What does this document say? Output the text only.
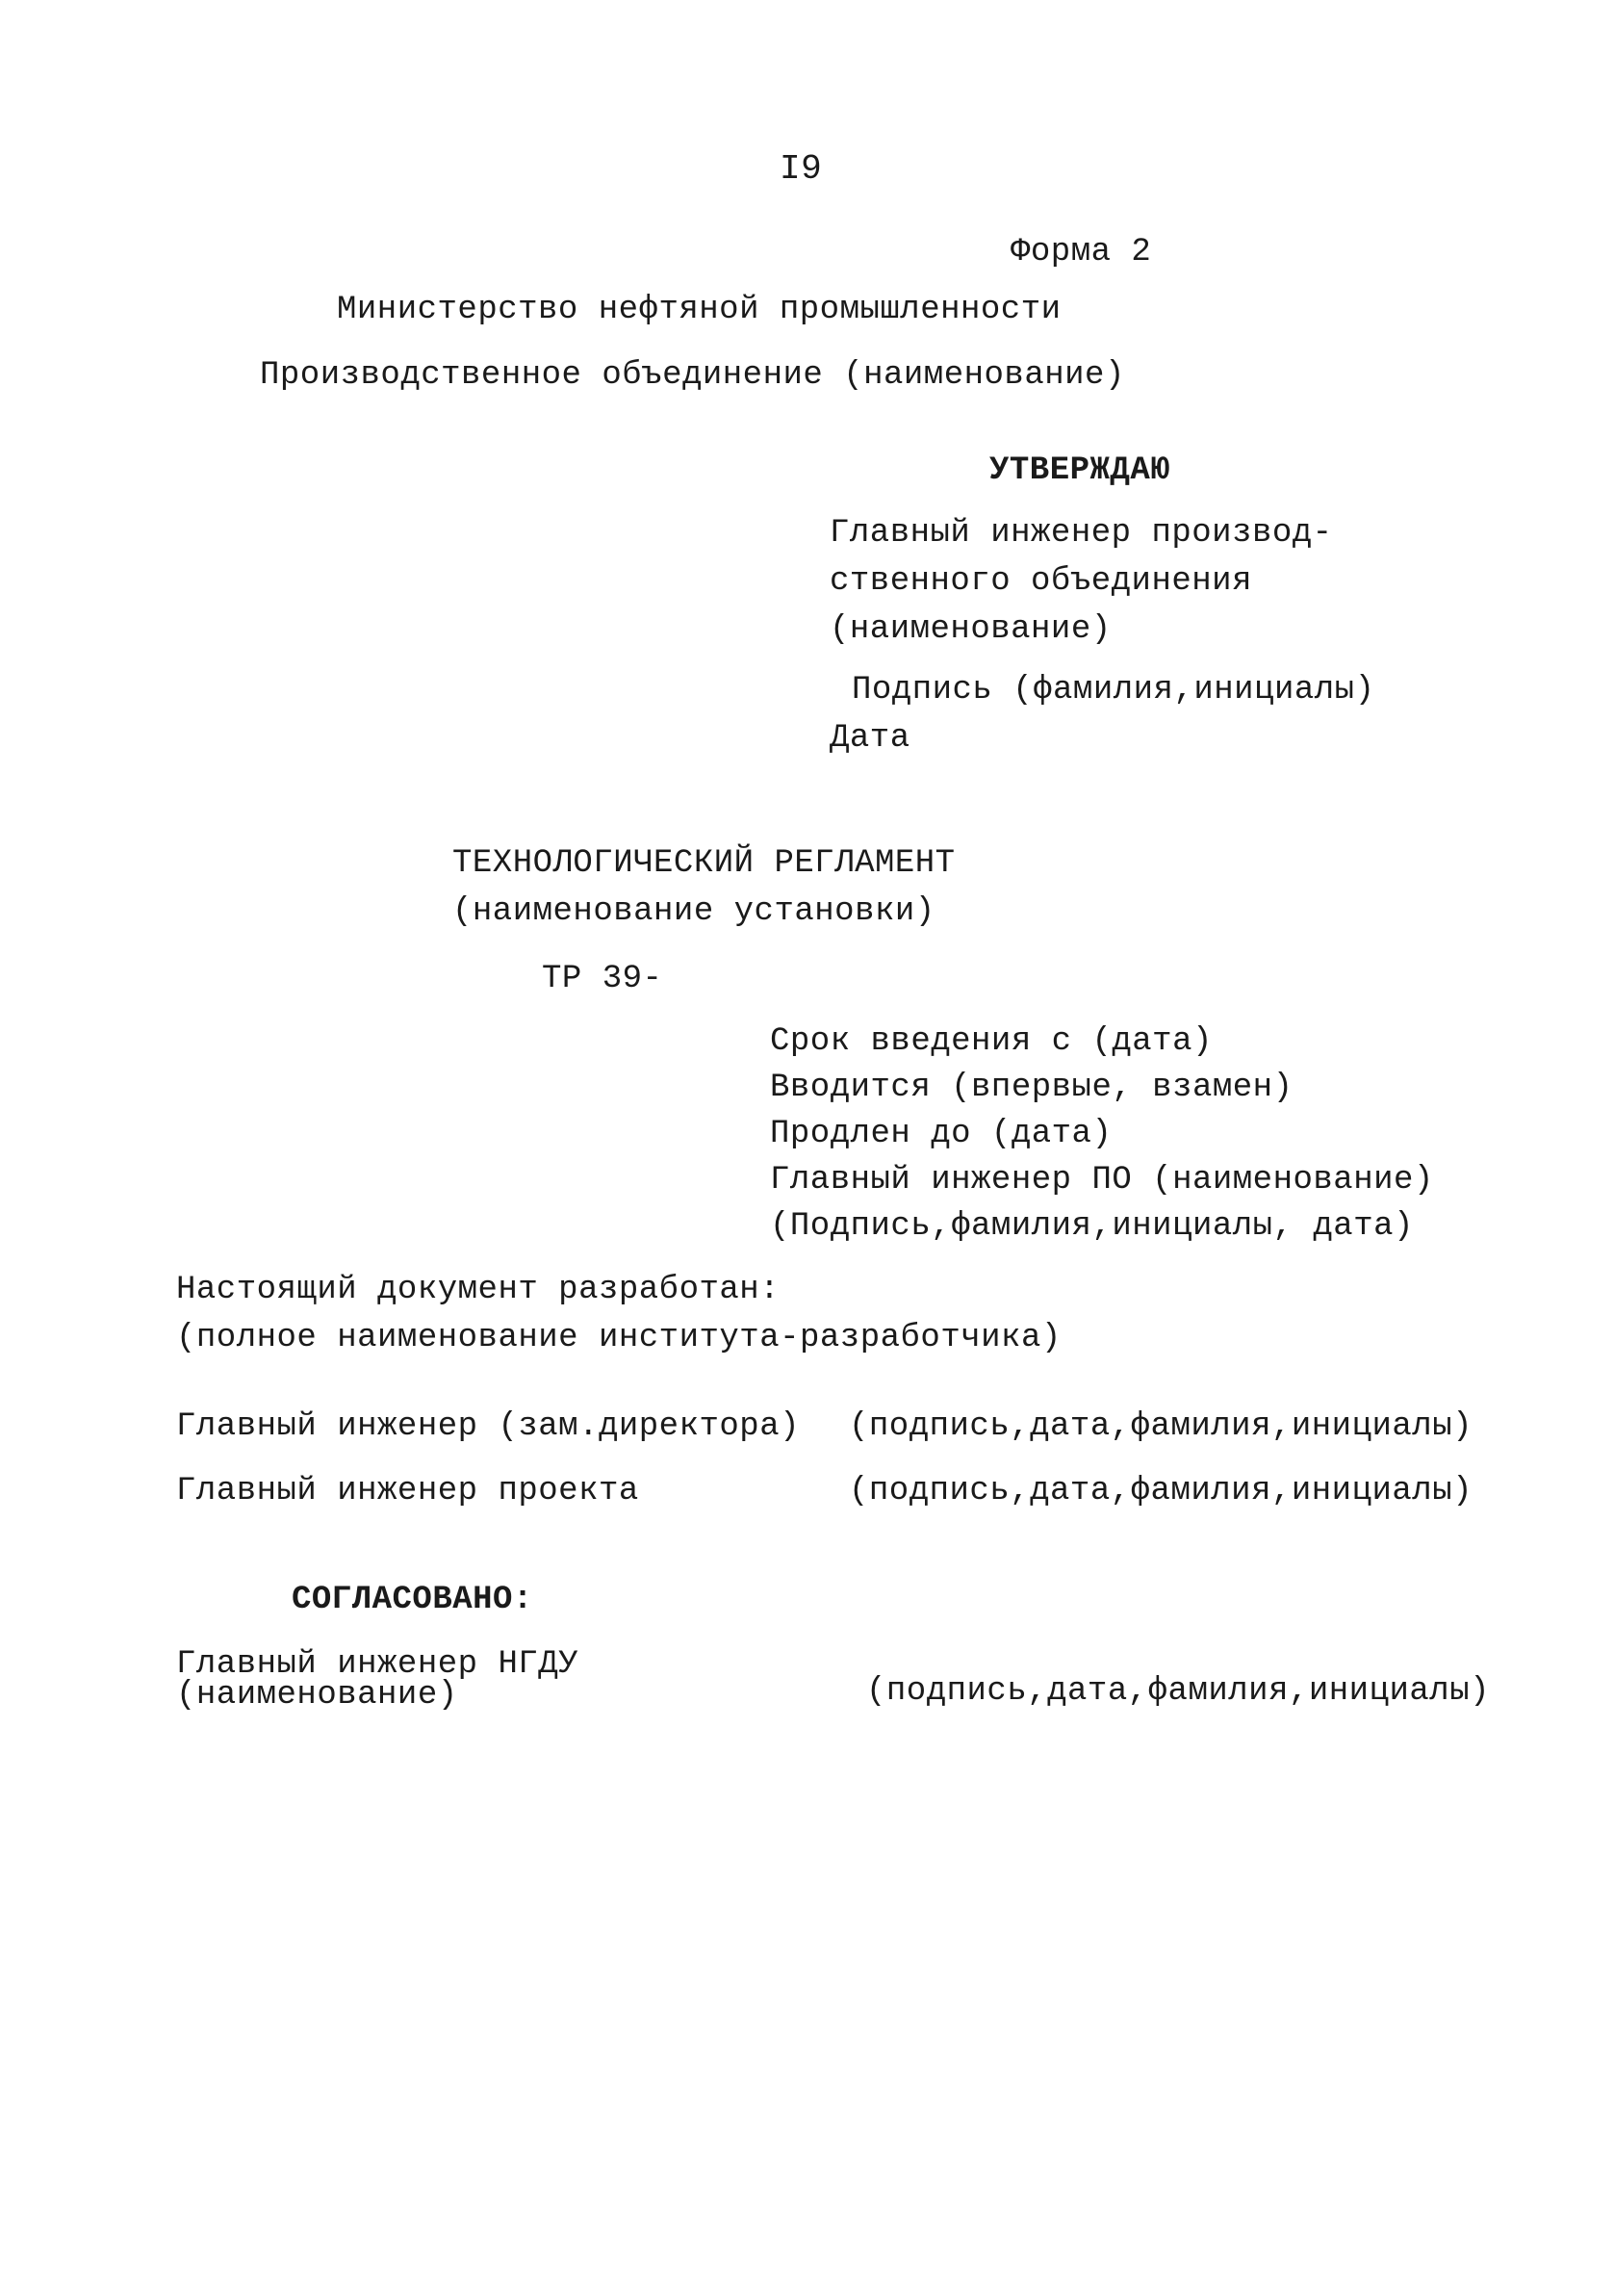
I9
Форма 2
Министерство нефтяной промышленности
Производственное объединение (наименование)
УТВЕРЖДАЮ
Главный инженер производ-
ственного объединения
(наименование)
Подпись (фамилия,инициалы)
Дата
ТЕХНОЛОГИЧЕСКИЙ РЕГЛАМЕНТ
(наименование установки)
ТР 39-
Срок введения с (дата)
Вводится (впервые, взамен)
Продлен до (дата)
Главный инженер ПО (наименование)
(Подпись,фамилия,инициалы, дата)
Настоящий документ разработан:
(полное наименование института-разработчика)
Главный инженер (зам.директора) (подпись,дата,фамилия,инициалы)
Главный инженер проекта	(подпись,дата,фамилия,инициалы)
СОГЛАСОВАНО:
Главный инженер НГДУ
(наименование)	(подпись,дата,фамилия,инициалы)
